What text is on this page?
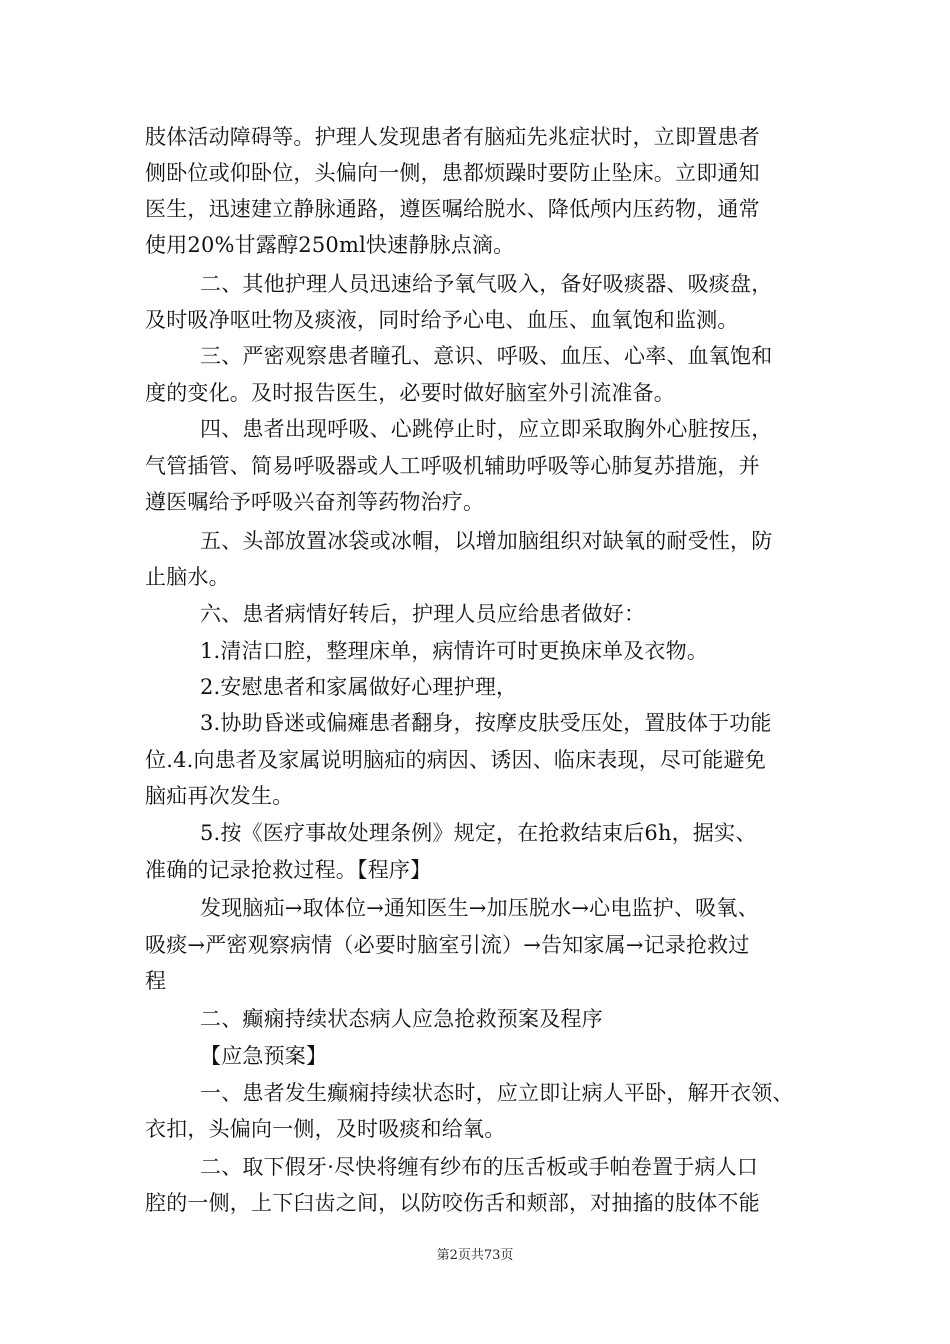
肢体活动障碍等。护理人发现患者有脑疝先兆症状时，立即置患者
侧卧位或仰卧位，头偏向一侧，患都烦躁时要防止坠床。立即通知
医生，迅速建立静脉通路，遵医嘱给脱水、降低颅内压药物，通常
使用20%甘露醇250ml快速静脉点滴。
二、其他护理人员迅速给予氧气吸入，备好吸痰器、吸痰盘，
及时吸净呕吐物及痰液，同时给予心电、血压、血氧饱和监测。
三、严密观察患者瞳孔、意识、呼吸、血压、心率、血氧饱和
度的变化。及时报告医生，必要时做好脑室外引流准备。
四、患者出现呼吸、心跳停止时，应立即采取胸外心脏按压，
气管插管、简易呼吸器或人工呼吸机辅助呼吸等心肺复苏措施，并
遵医嘱给予呼吸兴奋剂等药物治疗。
五、头部放置冰袋或冰帽，以增加脑组织对缺氧的耐受性，防
止脑水。
六、患者病情好转后，护理人员应给患者做好：
1.清洁口腔，整理床单，病情许可时更换床单及衣物。
2.安慰患者和家属做好心理护理，
3.协助昏迷或偏瘫患者翻身，按摩皮肤受压处，置肢体于功能
位.4.向患者及家属说明脑疝的病因、诱因、临床表现，尽可能避免
脑疝再次发生。
5.按《医疗事故处理条例》规定，在抢救结束后6h，据实、
准确的记录抢救过程。【程序】
发现脑疝→取体位→通知医生→加压脱水→心电监护、吸氧、
吸痰→严密观察病情（必要时脑室引流）→告知家属→记录抢救过
程
二、癫痫持续状态病人应急抢救预案及程序
【应急预案】
一、患者发生癫痫持续状态时，应立即让病人平卧，解开衣领、
衣扣，头偏向一侧，及时吸痰和给氧。
二、取下假牙·尽快将缠有纱布的压舌板或手帕卷置于病人口
腔的一侧，上下臼齿之间，以防咬伤舌和颊部，对抽搐的肢体不能
第2页共73页
